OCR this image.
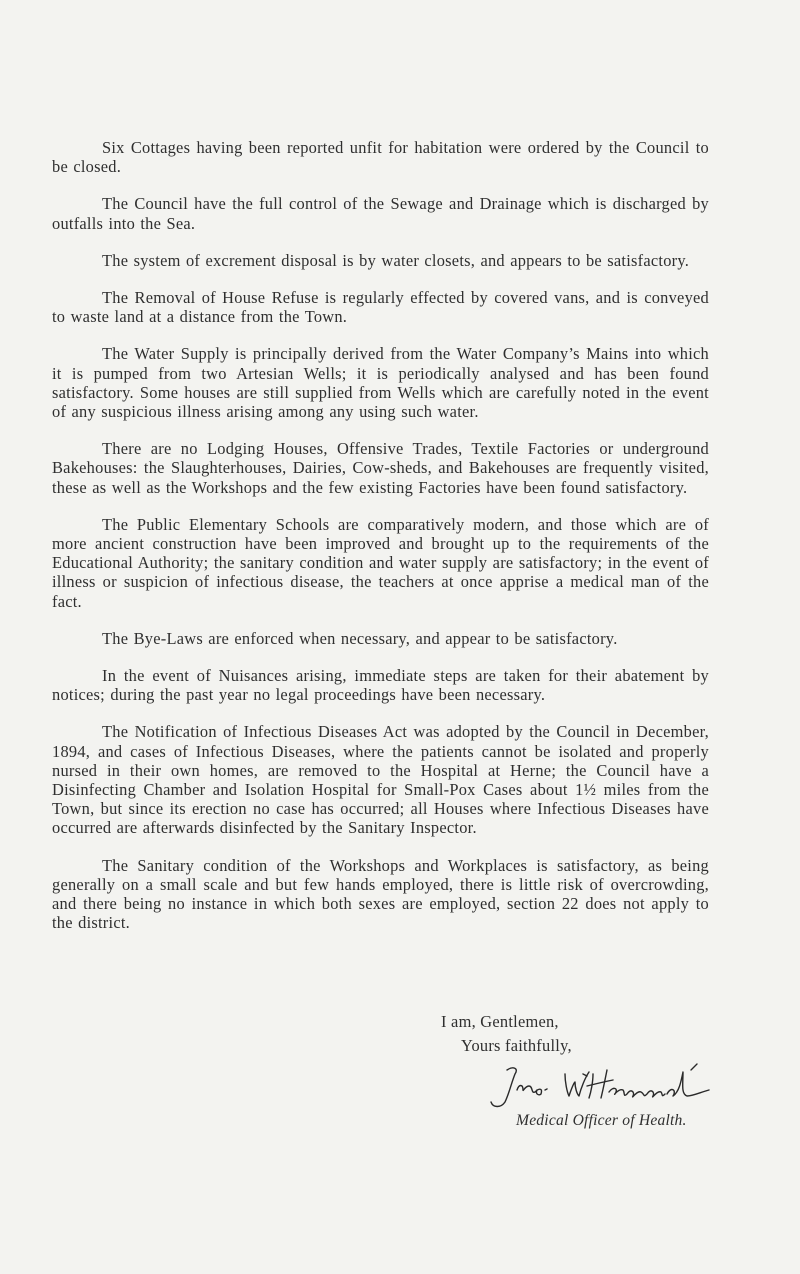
Six Cottages having been reported unfit for habitation were ordered by the Council to be closed.

The Council have the full control of the Sewage and Drainage which is discharged by outfalls into the Sea.

The system of excrement disposal is by water closets, and appears to be satisfactory.

The Removal of House Refuse is regularly effected by covered vans, and is conveyed to waste land at a distance from the Town.

The Water Supply is principally derived from the Water Company’s Mains into which it is pumped from two Artesian Wells; it is periodically analysed and has been found satisfactory. Some houses are still supplied from Wells which are carefully noted in the event of any suspicious illness arising among any using such water.

There are no Lodging Houses, Offensive Trades, Textile Factories or underground Bakehouses: the Slaughterhouses, Dairies, Cow-sheds, and Bakehouses are frequently visited, these as well as the Workshops and the few existing Factories have been found satisfactory.

The Public Elementary Schools are comparatively modern, and those which are of more ancient construction have been improved and brought up to the requirements of the Educational Authority; the sanitary condition and water supply are satisfactory; in the event of illness or suspicion of infectious disease, the teachers at once apprise a medical man of the fact.

The Bye-Laws are enforced when necessary, and appear to be satisfactory.

In the event of Nuisances arising, immediate steps are taken for their abatement by notices; during the past year no legal proceedings have been necessary.

The Notification of Infectious Diseases Act was adopted by the Council in December, 1894, and cases of Infectious Diseases, where the patients cannot be isolated and properly nursed in their own homes, are removed to the Hospital at Herne; the Council have a Disinfecting Chamber and Isolation Hospital for Small-Pox Cases about 1½ miles from the Town, but since its erection no case has occurred; all Houses where Infectious Diseases have occurred are afterwards disinfected by the Sanitary Inspector.

The Sanitary condition of the Workshops and Workplaces is satisfactory, as being generally on a small scale and but few hands employed, there is little risk of overcrowding, and there being no instance in which both sexes are employed, section 22 does not apply to the district.

I am, Gentlemen,
Yours faithfully,
Medical Officer of Health.
